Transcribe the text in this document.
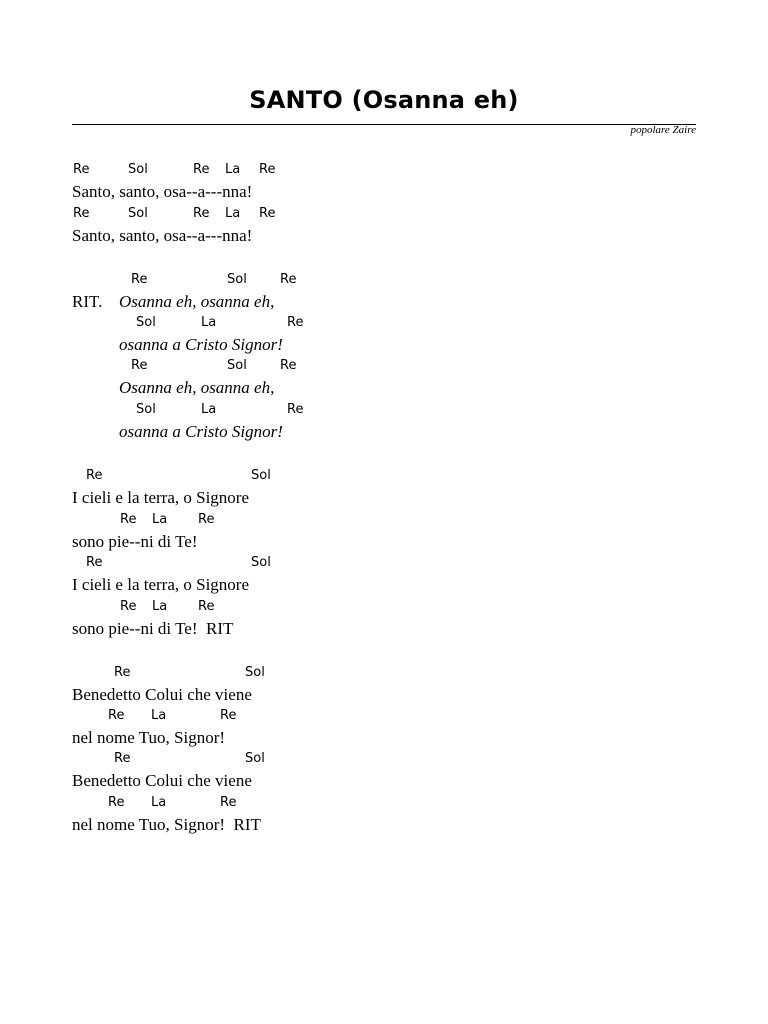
SANTO (Osanna eh)
popolare Zaire
Re	Sol	Re La Re
Santo, santo, osa--a---nna!
Re	Sol	Re La Re
Santo, santo, osa--a---nna!
Re	Sol	Re
RIT. Osanna eh, osanna eh,
Sol	La	Re
osanna a Cristo Signor!
Re	Sol	Re
Osanna eh, osanna eh,
Sol	La	Re
osanna a Cristo Signor!
Re	Sol
I cieli e la terra, o Signore
Re La Re
sono pie--ni di Te!
Re	Sol
I cieli e la terra, o Signore
Re La Re
sono pie--ni di Te!  RIT
Re	Sol
Benedetto Colui che viene
Re La	Re
nel nome Tuo, Signor!
Re	Sol
Benedetto Colui che viene
Re La	Re
nel nome Tuo, Signor!  RIT
